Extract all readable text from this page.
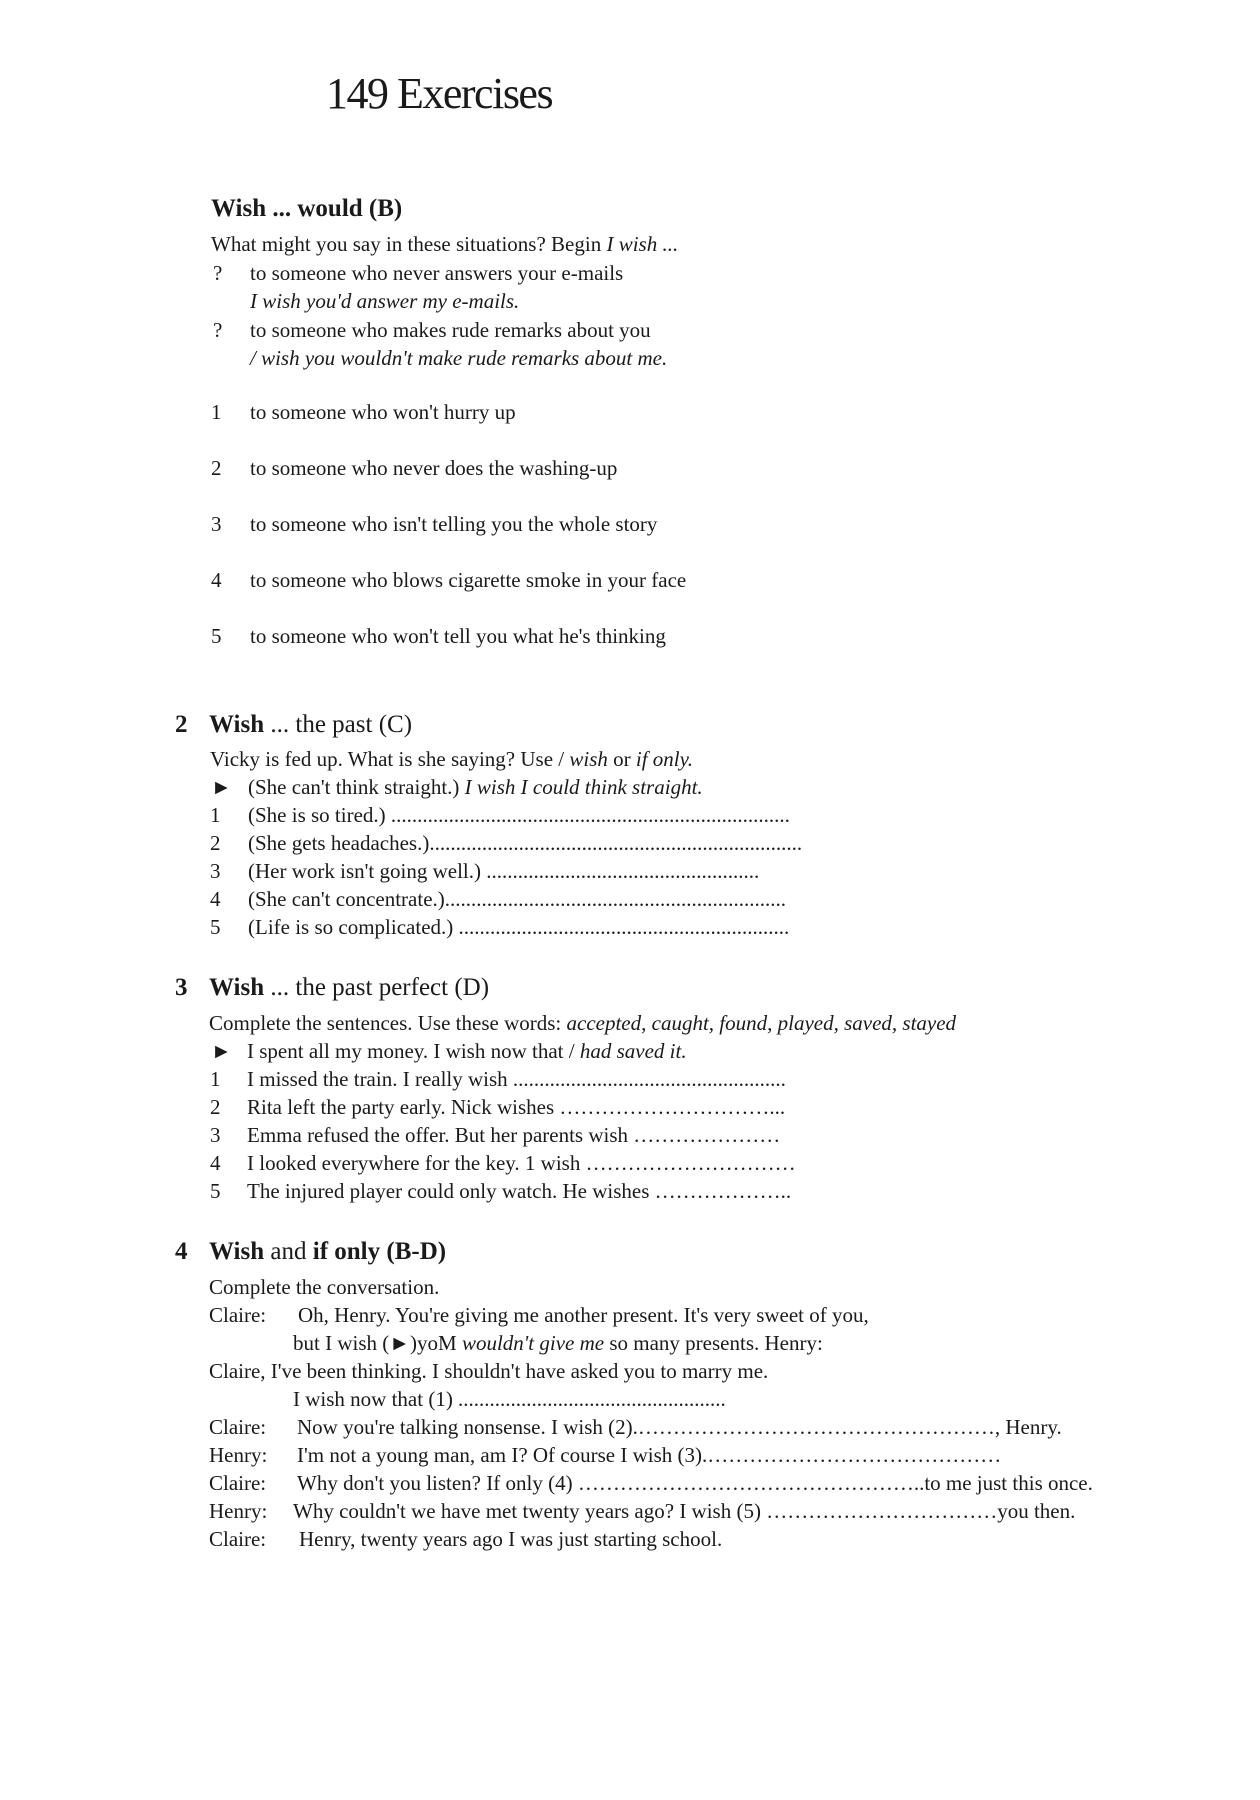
149 Exercises
Wish ... would (B)
What might you say in these situations? Begin I wish ...
? to someone who never answers your e-mails
I wish you'd answer my e-mails.
? to someone who makes rude remarks about you
/ wish you wouldn't make rude remarks about me.
1 to someone who won't hurry up
2 to someone who never does the washing-up
3 to someone who isn't telling you the whole story
4 to someone who blows cigarette smoke in your face
5 to someone who won't tell you what he's thinking
2 Wish ... the past (C)
Vicky is fed up. What is she saying? Use / wish or if only.
► (She can't think straight.) I wish I could think straight.
1 (She is so tired.) ............................................................................
2 (She gets headaches.).......................................................................
3 (Her work isn't going well.) ....................................................
4 (She can't concentrate.).................................................................
5 (Life is so complicated.) ...............................................................
3 Wish ... the past perfect (D)
Complete the sentences. Use these words: accepted, caught, found, played, saved, stayed
► I spent all my money. I wish now that / had saved it.
1 I missed the train. I really wish ....................................................
2 Rita left the party early. Nick wishes …………………………...
3 Emma refused the offer. But her parents wish …………………
4 I looked everywhere for the key. 1 wish …………………………
5 The injured player could only watch. He wishes ………………..
4 Wish and if only (B-D)
Complete the conversation.
Claire: Oh, Henry. You're giving me another present. It's very sweet of you,
but I wish (►)yoM wouldn't give me so many presents. Henry:
Claire, I've been thinking. I shouldn't have asked you to marry me.
I wish now that (1) ...................................................
Claire: Now you're talking nonsense. I wish (2).……………………………………………, Henry.
Henry: I'm not a young man, am I? Of course I wish (3).……………………………………
Claire: Why don't you listen? If only (4) …………………………………………..to me just this once.
Henry: Why couldn't we have met twenty years ago? I wish (5) ……………………………you then.
Claire: Henry, twenty years ago I was just starting school.
